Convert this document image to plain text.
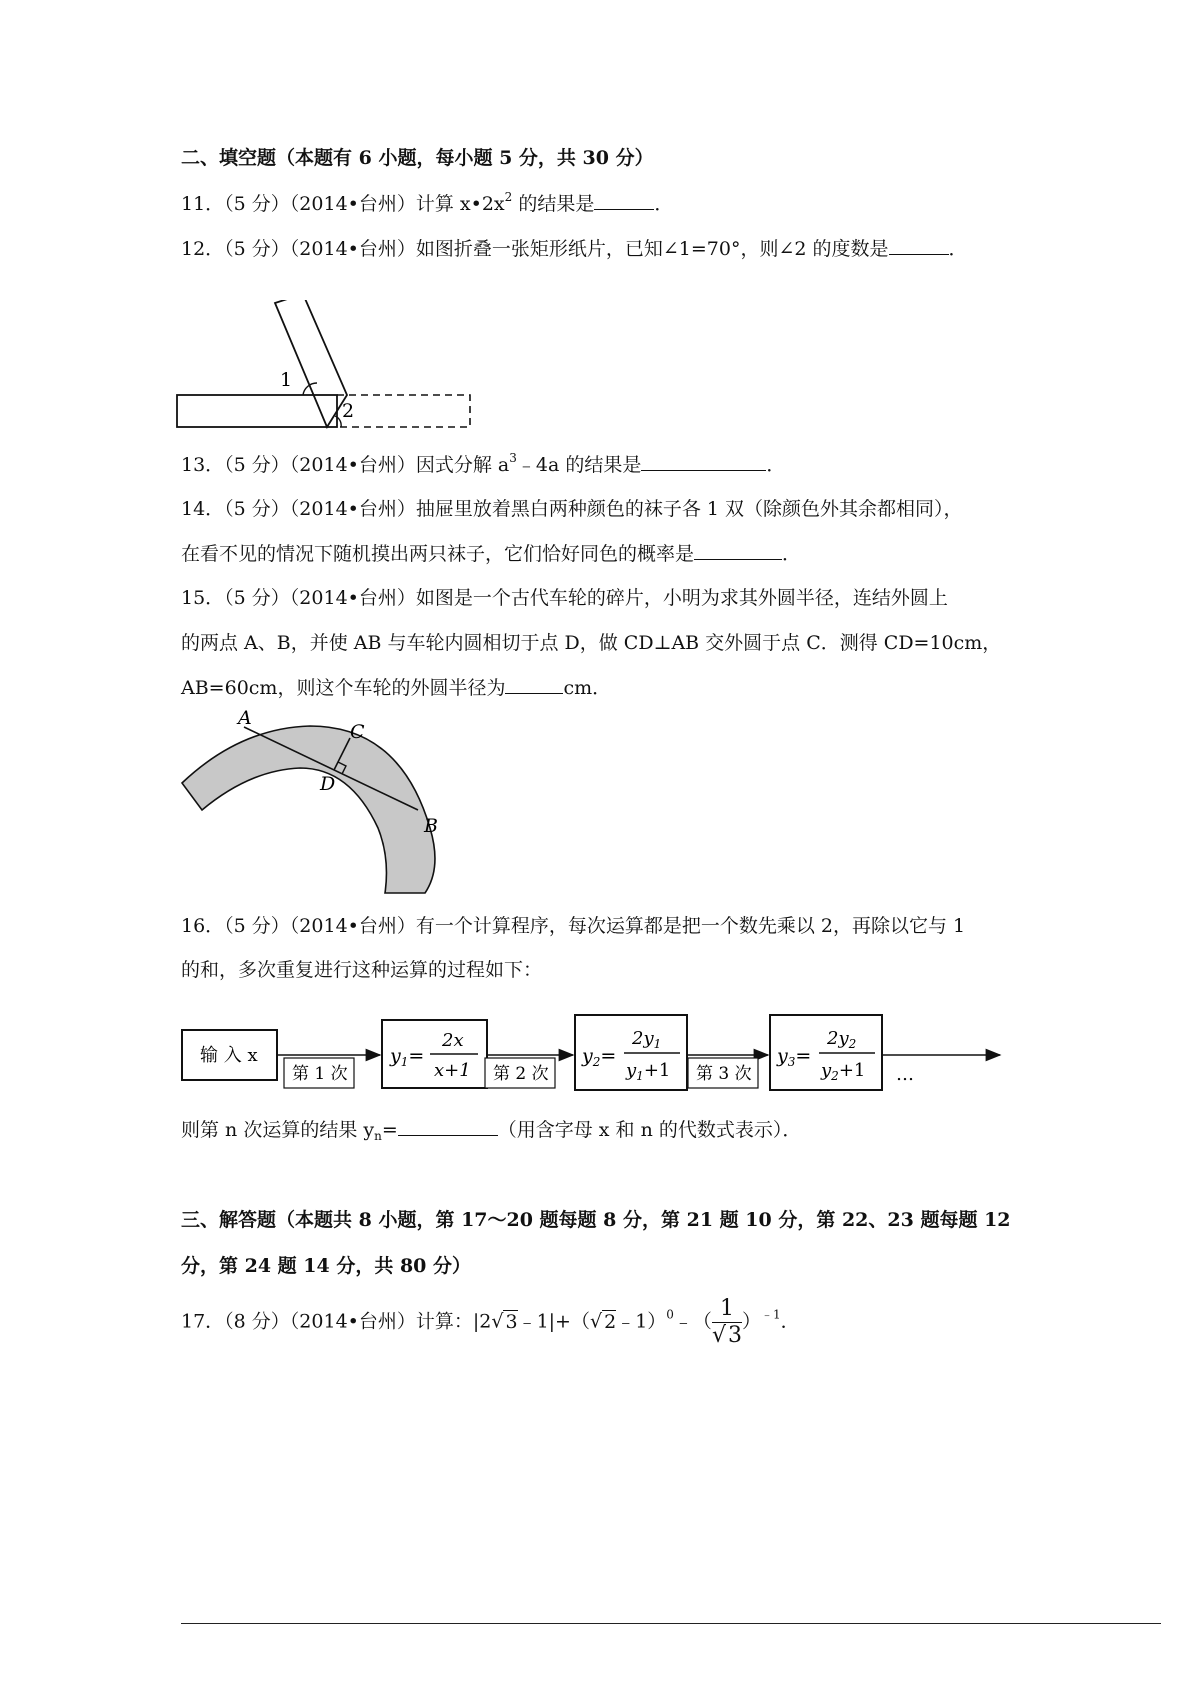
二、填空题（本题有 6 小题，每小题 5 分，共 30 分）
11．（5 分）（2014•台州）计算 $x•2x^2$ 的结果是	．
12．（5 分）（2014•台州）如图折叠一张矩形纸片，已知∠1=70°，则∠2 的度数是	．
1
2
13．（5 分）（2014•台州）因式分解 $a^3﹣4a$ 的结果是	．
14．（5 分）（2014•台州）抽屉里放着黑白两种颜色的袜子各 1 双（除颜色外其余都相同），
在看不见的情况下随机摸出两只袜子，它们恰好同色的概率是	．
15．（5 分）（2014•台州）如图是一个古代车轮的碎片，小明为求其外圆半径，连结外圆上
的两点 A、B，并使 AB 与车轮内圆相切于点 D，做 CD⊥AB 交外圆于点 C．测得 CD=10cm，
AB=60cm，则这个车轮的外圆半径为	cm．
A
C
D
B
16．（5 分）（2014•台州）有一个计算程序，每次运算都是把一个数先乘以 2，再除以它与 1
的和，多次重复进行这种运算的过程如下：
输 入 x
第 1 次
$y_1=$
2x
x+1 第 2 次
$y_2=$
$2y_1$
$y_1+1$ 第 3 次
$y_3=$
$2y_2$
$y_2+1$ …
则第 n 次运算的结果 $y_n=$	（用含字母 x 和 n 的代数式表示）．
三、解答题（本题共 8 小题，第 17～20 题每题 8 分，第 21 题 10 分，第 22、23 题每题 12
分，第 24 题 14 分，共 80 分）
17．（8 分）（2014•台州）计算：|2√ 3﹣1|+（√ 2﹣1）$^0$﹣（ $\frac{1}{√3} )^{﹣1}$．
